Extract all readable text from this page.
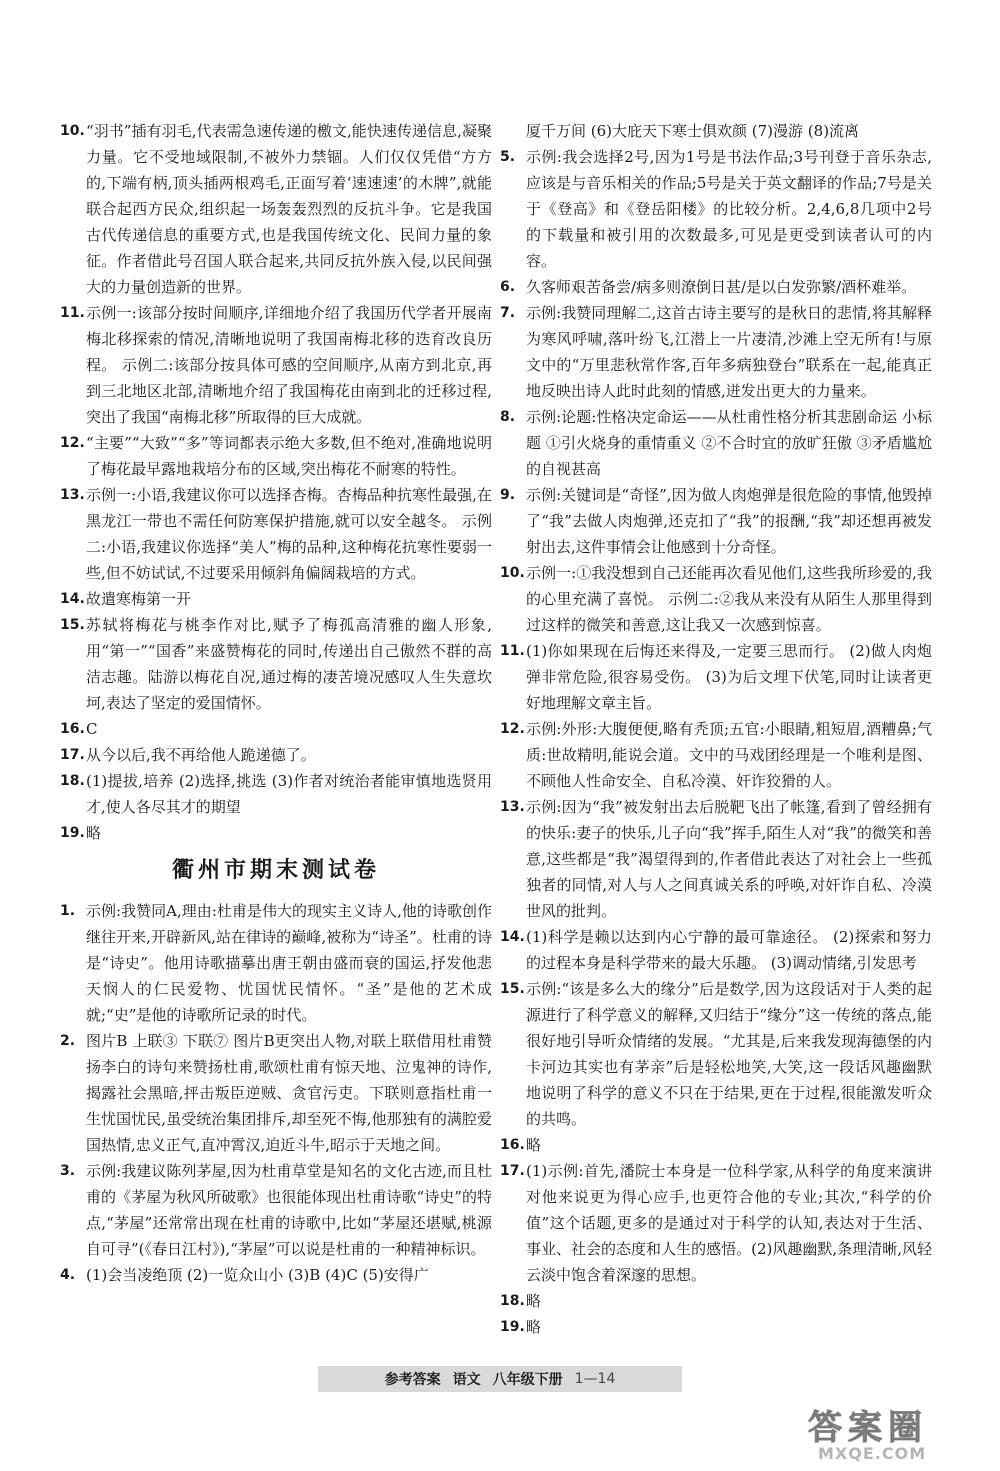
10. “羽书”插有羽毛,代表需急速传递的檄文,能快速传递信息,凝聚力量。它不受地域限制,不被外力禁锢。人们仅仅凭借“方方的,下端有柄,顶头插两根鸡毛,正面写着‘速速速’的木牌”,就能联合起西方民众,组织起一场轰轰烈烈的反抗斗争。它是我国古代传递信息的重要方式,也是我国传统文化、民间力量的象征。作者借此号召国人联合起来,共同反抗外族入侵,以民间强大的力量创造新的世界。

11. 示例一:该部分按时间顺序,详细地介绍了我国历代学者开展南梅北移探索的情况,清晰地说明了我国南梅北移的迭育改良历程。 示例二:该部分按具体可感的空间顺序,从南方到北京,再到三北地区北部,清晰地介绍了我国梅花由南到北的迁移过程,突出了我国“南梅北移”所取得的巨大成就。

12. “主要”“大致”“多”等词都表示绝大多数,但不绝对,准确地说明了梅花最早露地栽培分布的区域,突出梅花不耐寒的特性。

13. 示例一:小语,我建议你可以选择杏梅。杏梅品种抗寒性最强,在黑龙江一带也不需任何防寒保护措施,就可以安全越冬。 示例二:小语,我建议你选择“美人”梅的品种,这种梅花抗寒性要弱一些,但不妨试试,不过要采用倾斜角偏阔栽培的方式。

14. 故遣寒梅第一开

15. 苏轼将梅花与桃李作对比,赋予了梅孤高清雅的幽人形象,用“第一”“国香”来盛赞梅花的同时,传递出自己傲然不群的高洁志趣。陆游以梅花自况,通过梅的凄苦境况感叹人生失意坎坷,表达了坚定的爱国情怀。

16. C

17. 从今以后,我不再给他人跪递德了。

18. (1)提拔,培养 (2)选择,挑选 (3)作者对统治者能审慎地选贤用才,使人各尽其才的期望

19. 略

衢州市期末测试卷

1. 示例:我赞同A,理由:杜甫是伟大的现实主义诗人,他的诗歌创作继往开来,开辟新风,站在律诗的巅峰,被称为“诗圣”。杜甫的诗是“诗史”。他用诗歌描摹出唐王朝由盛而衰的国运,抒发他悲天悯人的仁民爱物、忧国忧民情怀。“圣”是他的艺术成就;“史”是他的诗歌所记录的时代。

2. 图片B 上联③ 下联⑦ 图片B更突出人物,对联上联借用杜甫赞扬李白的诗句来赞扬杜甫,歌颂杜甫有惊天地、泣鬼神的诗作,揭露社会黑暗,抨击叛臣逆贼、贪官污吏。下联则意指杜甫一生忧国忧民,虽受统治集团排斥,却至死不悔,他那独有的满腔爱国热情,忠义正气,直冲霄汉,迫近斗牛,昭示于天地之间。

3. 示例:我建议陈列茅屋,因为杜甫草堂是知名的文化古迹,而且杜甫的《茅屋为秋风所破歌》也很能体现出杜甫诗歌“诗史”的特点,“茅屋”还常常出现在杜甫的诗歌中,比如“茅屋还堪赋,桃源自可寻”(《春日江村》),“茅屋”可以说是杜甫的一种精神标识。

4. (1)会当凌绝顶 (2)一览众山小 (3)B (4)C (5)安得广

厦千万间 (6)大庇天下寒士俱欢颜 (7)漫游 (8)流离

5. 示例:我会选择2号,因为1号是书法作品;3号刊登于音乐杂志,应该是与音乐相关的作品;5号是关于英文翻译的作品;7号是关于《登高》和《登岳阳楼》的比较分析。2,4,6,8几项中2号的下载量和被引用的次数最多,可见是更受到读者认可的内容。

6. 久客师艰苦备尝/病多则潦倒日甚/是以白发弥繁/酒杯难举。

7. 示例:我赞同理解二,这首古诗主要写的是秋日的悲情,将其解释为寒风呼啸,落叶纷飞,江潜上一片凄清,沙滩上空无所有!与原文中的“万里悲秋常作客,百年多病独登台”联系在一起,能真正地反映出诗人此时此刻的情感,迸发出更大的力量来。

8. 示例:论题:性格决定命运——从杜甫性格分析其悲剧命运 小标题 ①引火烧身的重情重义 ②不合时宜的放旷狂傲 ③矛盾尴尬的自视甚高

9. 示例:关键词是“奇怪”,因为做人肉炮弹是很危险的事情,他毁掉了“我”去做人肉炮弹,还克扣了“我”的报酬,“我”却还想再被发射出去,这件事情会让他感到十分奇怪。

10. 示例一:①我没想到自己还能再次看见他们,这些我所珍爱的,我的心里充满了喜悦。 示例二:②我从来没有从陌生人那里得到过这样的微笑和善意,这让我又一次感到惊喜。

11. (1)你如果现在后悔还来得及,一定要三思而行。 (2)做人肉炮弹非常危险,很容易受伤。 (3)为后文埋下伏笔,同时让读者更好地理解文章主旨。

12. 示例:外形:大腹便便,略有秃顶;五官:小眼睛,粗短眉,酒糟鼻;气质:世故精明,能说会道。文中的马戏团经理是一个唯利是图、不顾他人性命安全、自私冷漠、奸诈狡猾的人。

13. 示例:因为“我”被发射出去后脱靶飞出了帐篷,看到了曾经拥有的快乐:妻子的快乐,儿子向“我”挥手,陌生人对“我”的微笑和善意,这些都是“我”渴望得到的,作者借此表达了对社会上一些孤独者的同情,对人与人之间真诚关系的呼唤,对奸诈自私、冷漠世风的批判。

14. (1)科学是赖以达到内心宁静的最可靠途径。 (2)探索和努力的过程本身是科学带来的最大乐趣。 (3)调动情绪,引发思考

15. 示例:“该是多么大的缘分”后是数学,因为这段话对于人类的起源进行了科学意义的解释,又归结于“缘分”这一传统的落点,能很好地引导听众情绪的发展。“尤其是,后来我发现海德堡的内卡河边其实也有茅亲”后是轻松地笑,大笑,这一段话风趣幽默地说明了科学的意义不只在于结果,更在于过程,很能激发听众的共鸣。

16. 略

17. (1)示例:首先,潘院士本身是一位科学家,从科学的角度来演讲对他来说更为得心应手,也更符合他的专业;其次,“科学的价值”这个话题,更多的是通过对于科学的认知,表达对于生活、事业、社会的态度和人生的感悟。(2)风趣幽默,条理清晰,风轻云淡中饱含着深邃的思想。

18. 略

19. 略

参考答案 语文 八年级下册 1—14
答案圈
MXQE.COM
